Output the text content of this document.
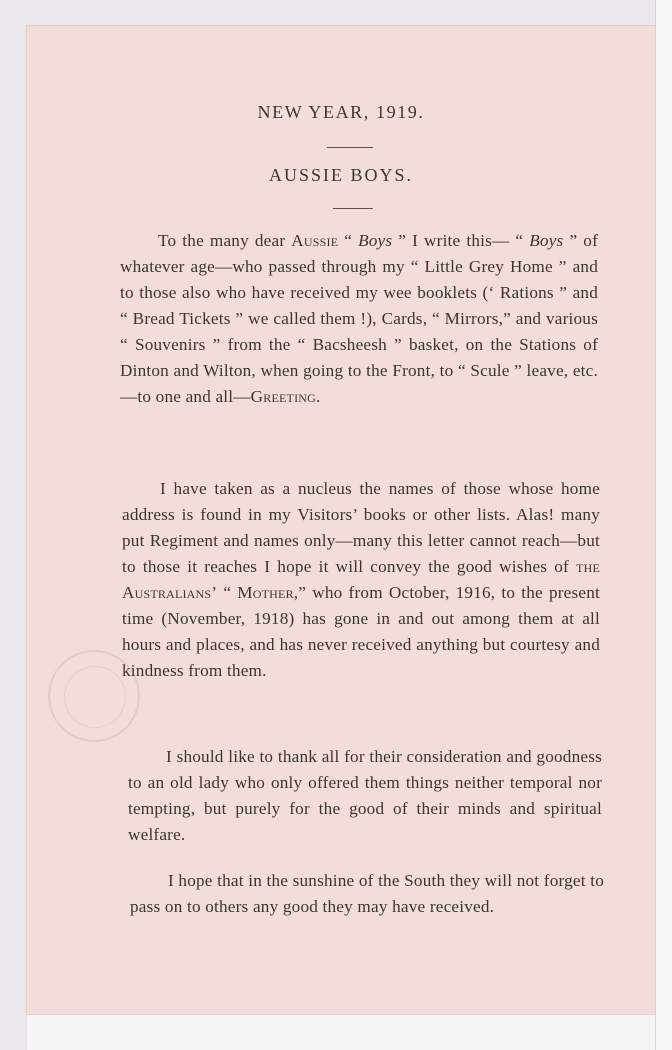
NEW YEAR, 1919.
AUSSIE BOYS.

To the many dear Aussie “ Boys ” I write this— “ Boys ” of whatever age—who passed through my “ Little Grey Home ” and to those also who have received my wee booklets (‘ Rations ” and “ Bread Tickets ” we called them !), Cards, “ Mirrors,” and various “ Souvenirs ” from the “ Bacsheesh ” basket, on the Stations of Dinton and Wilton, when going to the Front, to “ Scule ” leave, etc.—to one and all—Greeting.

I have taken as a nucleus the names of those whose home address is found in my Visitors’ books or other lists. Alas! many put Regiment and names only—many this letter cannot reach—but to those it reaches I hope it will convey the good wishes of the Australians’ “ Mother,” who from October, 1916, to the present time (November, 1918) has gone in and out among them at all hours and places, and has never received anything but courtesy and kindness from them.

I should like to thank all for their consideration and goodness to an old lady who only offered them things neither temporal nor tempting, but purely for the good of their minds and spiritual welfare.

I hope that in the sunshine of the South they will not forget to pass on to others any good they may have received.
